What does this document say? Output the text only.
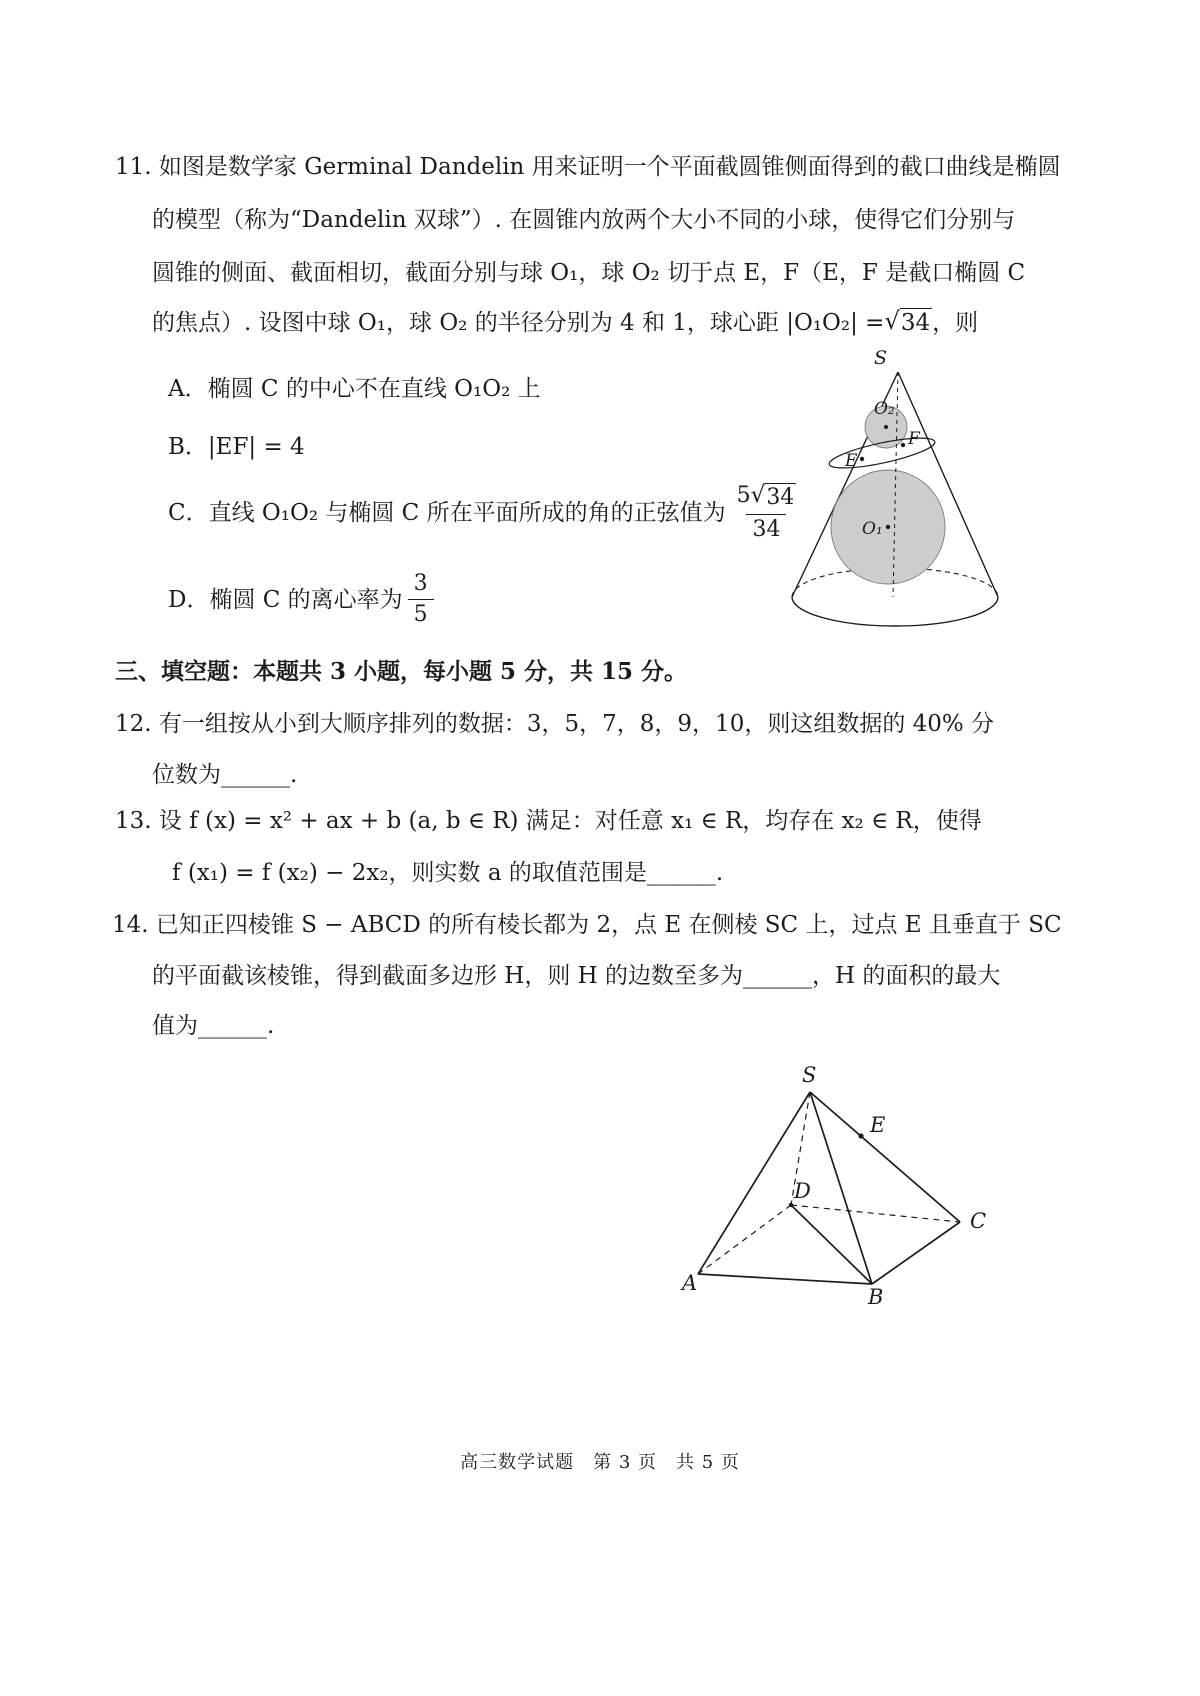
11. 如图是数学家 Germinal Dandelin 用来证明一个平面截圆锥侧面得到的截口曲线是椭圆
的模型（称为“Dandelin 双球”）. 在圆锥内放两个大小不同的小球，使得它们分别与
圆锥的侧面、截面相切，截面分别与球 O₁，球 O₂ 切于点 E，F（E，F 是截口椭圆 C
的焦点）. 设图中球 O₁，球 O₂ 的半径分别为 4 和 1，球心距 |O₁O₂| = √ 34 ，则
A．椭圆 C 的中心不在直线 O₁O₂ 上
B．|EF| = 4
C．直线 O₁O₂ 与椭圆 C 所在平面所成的角的正弦值为 $\frac{5 √ 34}{34}$
D．椭圆 C 的离心率为 $\frac{3}{5}$
S
O₂
F
E
O₁
三、填空题：本题共 3 小题，每小题 5 分，共 15 分。
12. 有一组按从小到大顺序排列的数据：3，5，7，8，9，10，则这组数据的 40% 分
位数为______.
13. 设 f (x) = x² + ax + b (a, b ∈ R) 满足：对任意 x₁ ∈ R，均存在 x₂ ∈ R，使得
f (x₁) = f (x₂) − 2x₂，则实数 a 的取值范围是______.
14. 已知正四棱锥 S − ABCD 的所有棱长都为 2，点 E 在侧棱 SC 上，过点 E 且垂直于 SC
的平面截该棱锥，得到截面多边形 H，则 H 的边数至多为______，H 的面积的最大
值为______.
S
E
D
C
A
B
高三数学试题　第 3 页　共 5 页
